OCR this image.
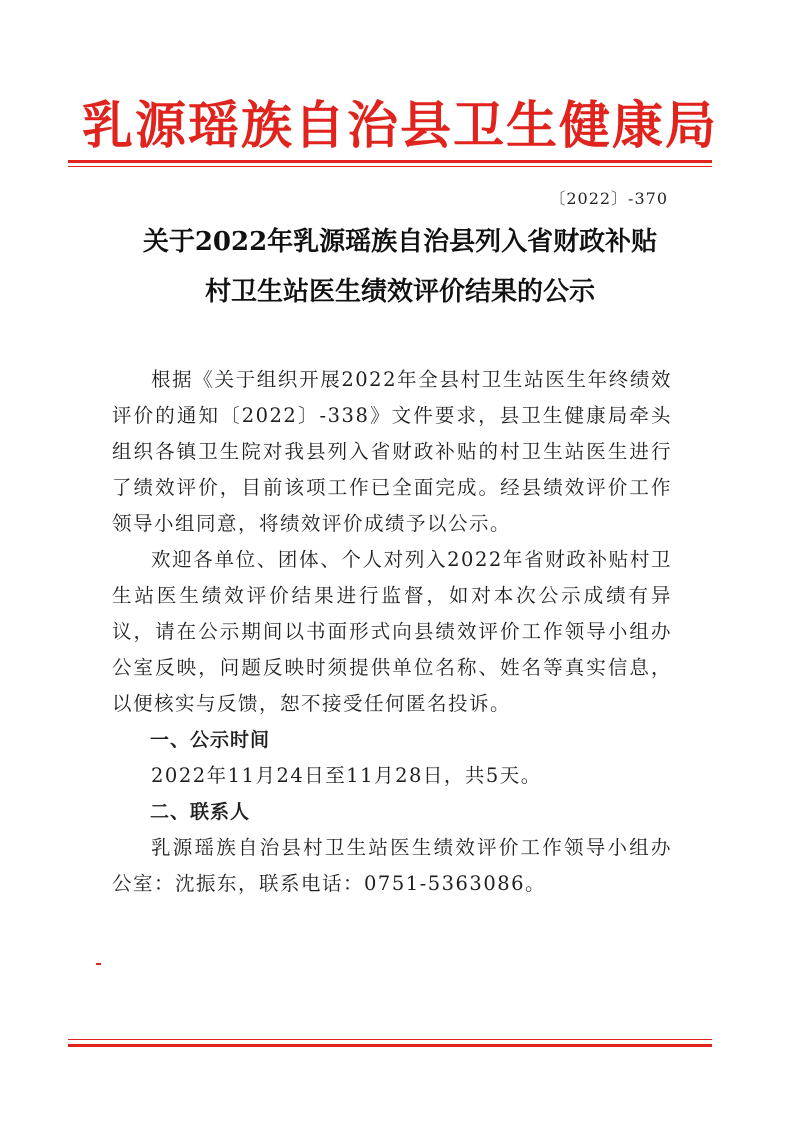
乳源瑶族自治县卫生健康局
〔2022〕-370
关于2022年乳源瑶族自治县列入省财政补贴
村卫生站医生绩效评价结果的公示

根据《关于组织开展2022年全县村卫生站医生年终绩效评价的通知〔2022〕-338》文件要求，县卫生健康局牵头组织各镇卫生院对我县列入省财政补贴的村卫生站医生进行了绩效评价，目前该项工作已全面完成。经县绩效评价工作领导小组同意，将绩效评价成绩予以公示。

欢迎各单位、团体、个人对列入2022年省财政补贴村卫生站医生绩效评价结果进行监督，如对本次公示成绩有异议，请在公示期间以书面形式向县绩效评价工作领导小组办公室反映，问题反映时须提供单位名称、姓名等真实信息，以便核实与反馈，恕不接受任何匿名投诉。

一、公示时间

2022年11月24日至11月28日，共5天。

二、联系人

乳源瑶族自治县村卫生站医生绩效评价工作领导小组办公室：沈振东，联系电话：0751-5363086。
